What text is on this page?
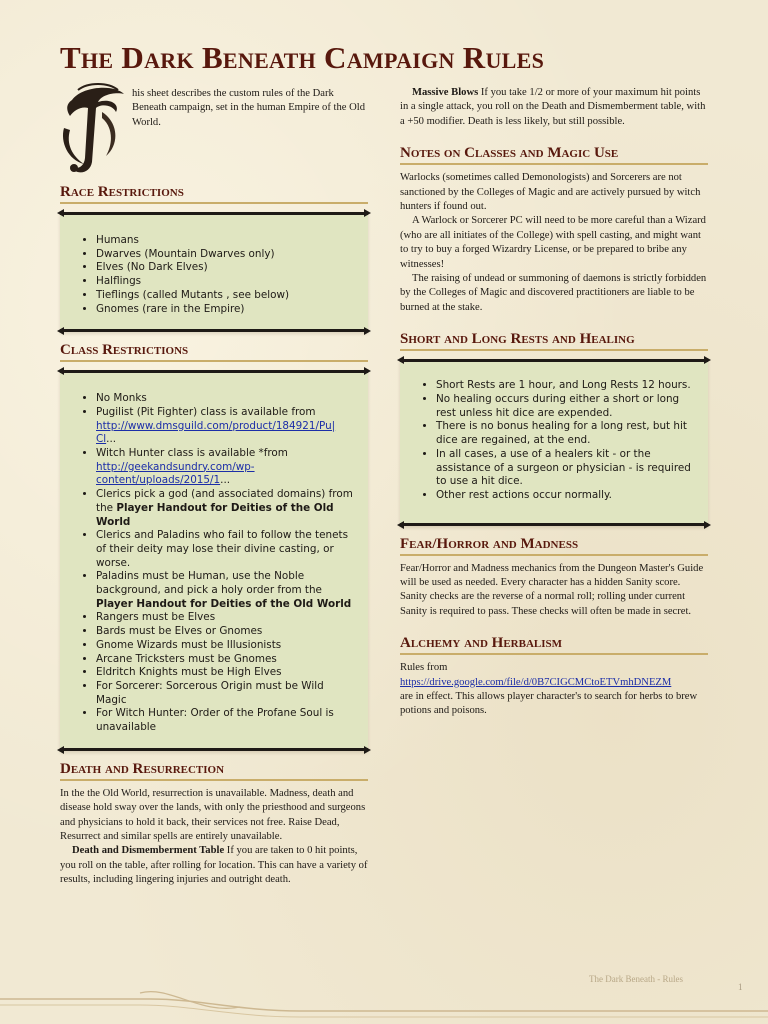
The Dark Beneath Campaign Rules

his sheet describes the custom rules of the Dark Beneath campaign, set in the human Empire of the Old World.

Race Restrictions
• Humans
• Dwarves (Mountain Dwarves only)
• Elves (No Dark Elves)
• Halflings
• Tieflings (called Mutants , see below)
• Gnomes (rare in the Empire)
Class Restrictions
• No Monks
• Pugilist (Pit Fighter) class is available from
http://www.dmsguild.com/product/184921/Pu|
Cl...
• Witch Hunter class is available *from
http://geekandsundry.com/wp-
content/uploads/2015/1...
• Clerics pick a god (and associated domains) from the Player Handout for Deities of the Old World
• Clerics and Paladins who fail to follow the tenets of their deity may lose their divine casting, or worse.
• Paladins must be Human, use the Noble background, and pick a holy order from the Player Handout for Deities of the Old World
• Rangers must be Elves
• Bards must be Elves or Gnomes
• Gnome Wizards must be Illusionists
• Arcane Tricksters must be Gnomes
• Eldritch Knights must be High Elves
• For Sorcerer: Sorcerous Origin must be Wild Magic
• For Witch Hunter: Order of the Profane Soul is unavailable
Death and Resurrection

In the the Old World, resurrection is unavailable. Madness, death and disease hold sway over the lands, with only the priesthood and surgeons and physicians to hold it back, their services not free. Raise Dead, Resurrect and similar spells are entirely unavailable.

Death and Dismemberment Table If you are taken to 0 hit points, you roll on the table, after rolling for location. This can have a variety of results, including lingering injuries and outright death.

Massive Blows If you take 1/2 or more of your maximum hit points in a single attack, you roll on the Death and Dismemberment table, with a +50 modifier. Death is less likely, but still possible.

Notes on Classes and Magic Use

Warlocks (sometimes called Demonologists) and Sorcerers are not sanctioned by the Colleges of Magic and are actively pursued by witch hunters if found out.

A Warlock or Sorcerer PC will need to be more careful than a Wizard (who are all initiates of the College) with spell casting, and might want to try to buy a forged Wizardry License, or be prepared to bribe any witnesses!

The raising of undead or summoning of daemons is strictly forbidden by the Colleges of Magic and discovered practitioners are liable to be burned at the stake.

Short and Long Rests and Healing
• Short Rests are 1 hour, and Long Rests 12 hours.
• No healing occurs during either a short or long rest unless hit dice are expended.
• There is no bonus healing for a long rest, but hit dice are regained, at the end.
• In all cases, a use of a healers kit - or the assistance of a surgeon or physician - is required to use a hit dice.
• Other rest actions occur normally.
Fear/Horror and Madness

Fear/Horror and Madness mechanics from the Dungeon Master's Guide will be used as needed. Every character has a hidden Sanity score. Sanity checks are the reverse of a normal roll; rolling under current Sanity is required to pass. These checks will often be made in secret.

Alchemy and Herbalism

Rules from

https://drive.google.com/file/d/0B7CIGCMCtoETVmhDNEZM

are in effect. This allows player character's to search for herbs to brew potions and poisons.

The Dark Beneath - Rules
1
